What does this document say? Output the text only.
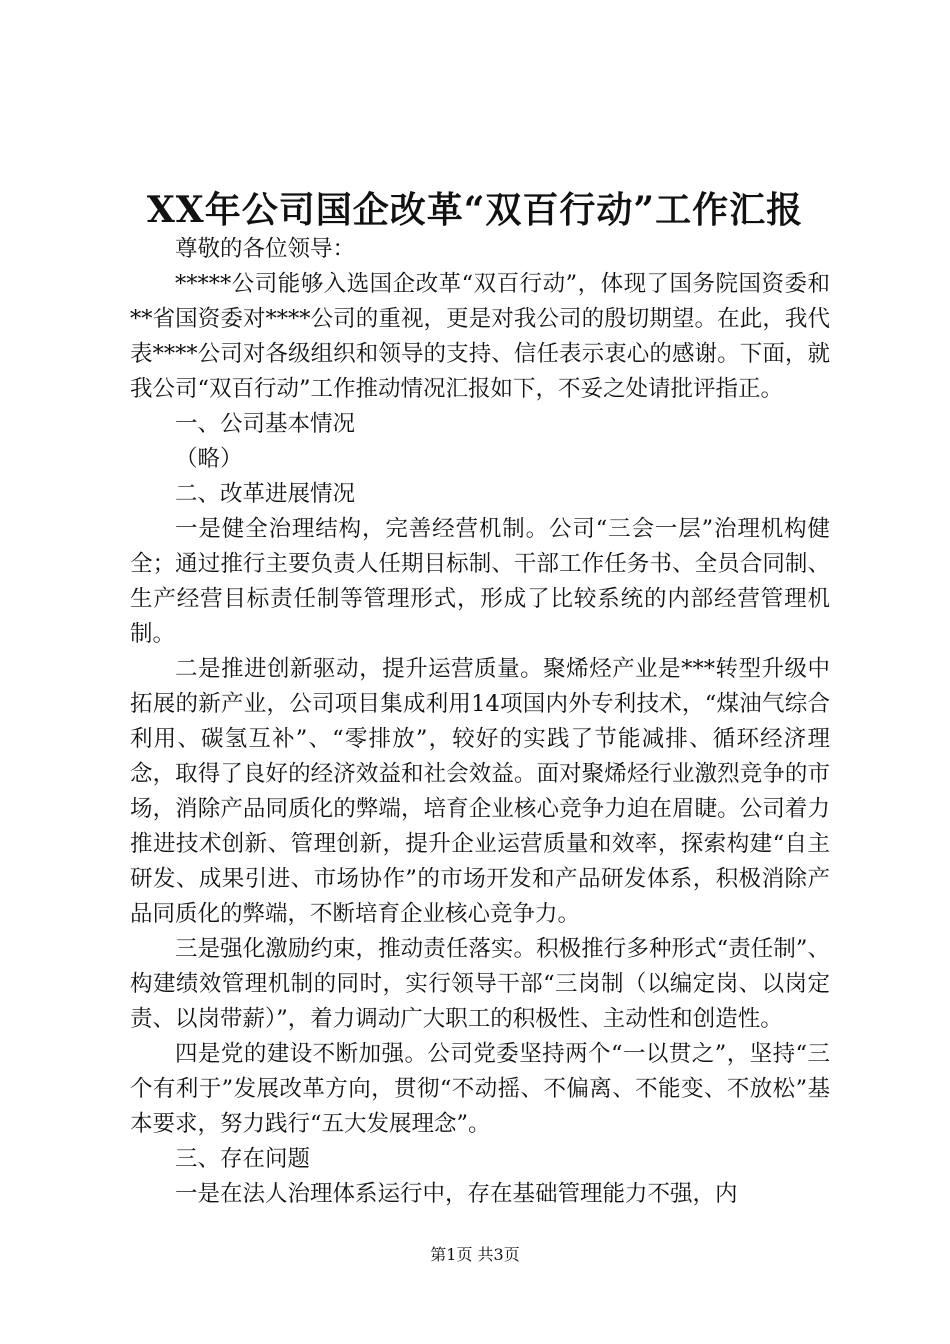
XX年公司国企改革“双百行动”工作汇报

尊敬的各位领导：

*****公司能够入选国企改革“双百行动”，体现了国务院国资委和**省国资委对****公司的重视，更是对我公司的殷切期望。在此，我代表****公司对各级组织和领导的支持、信任表示衷心的感谢。下面，就我公司“双百行动”工作推动情况汇报如下，不妥之处请批评指正。

一、公司基本情况

（略）

二、改革进展情况

一是健全治理结构，完善经营机制。公司“三会一层”治理机构健全；通过推行主要负责人任期目标制、干部工作任务书、全员合同制、生产经营目标责任制等管理形式，形成了比较系统的内部经营管理机制。

二是推进创新驱动，提升运营质量。聚烯烃产业是***转型升级中拓展的新产业，公司项目集成利用14项国内外专利技术，“煤油气综合利用、碳氢互补”、“零排放”，较好的实践了节能减排、循环经济理念，取得了良好的经济效益和社会效益。面对聚烯烃行业激烈竞争的市场，消除产品同质化的弊端，培育企业核心竞争力迫在眉睫。公司着力推进技术创新、管理创新，提升企业运营质量和效率，探索构建“自主研发、成果引进、市场协作”的市场开发和产品研发体系，积极消除产品同质化的弊端，不断培育企业核心竞争力。

三是强化激励约束，推动责任落实。积极推行多种形式“责任制”、构建绩效管理机制的同时，实行领导干部“三岗制（以编定岗、以岗定责、以岗带薪）”，着力调动广大职工的积极性、主动性和创造性。

四是党的建设不断加强。公司党委坚持两个“一以贯之”，坚持“三个有利于”发展改革方向，贯彻“不动摇、不偏离、不能变、不放松”基本要求，努力践行“五大发展理念”。

三、存在问题

一是在法人治理体系运行中，存在基础管理能力不强，内

第1页 共3页
